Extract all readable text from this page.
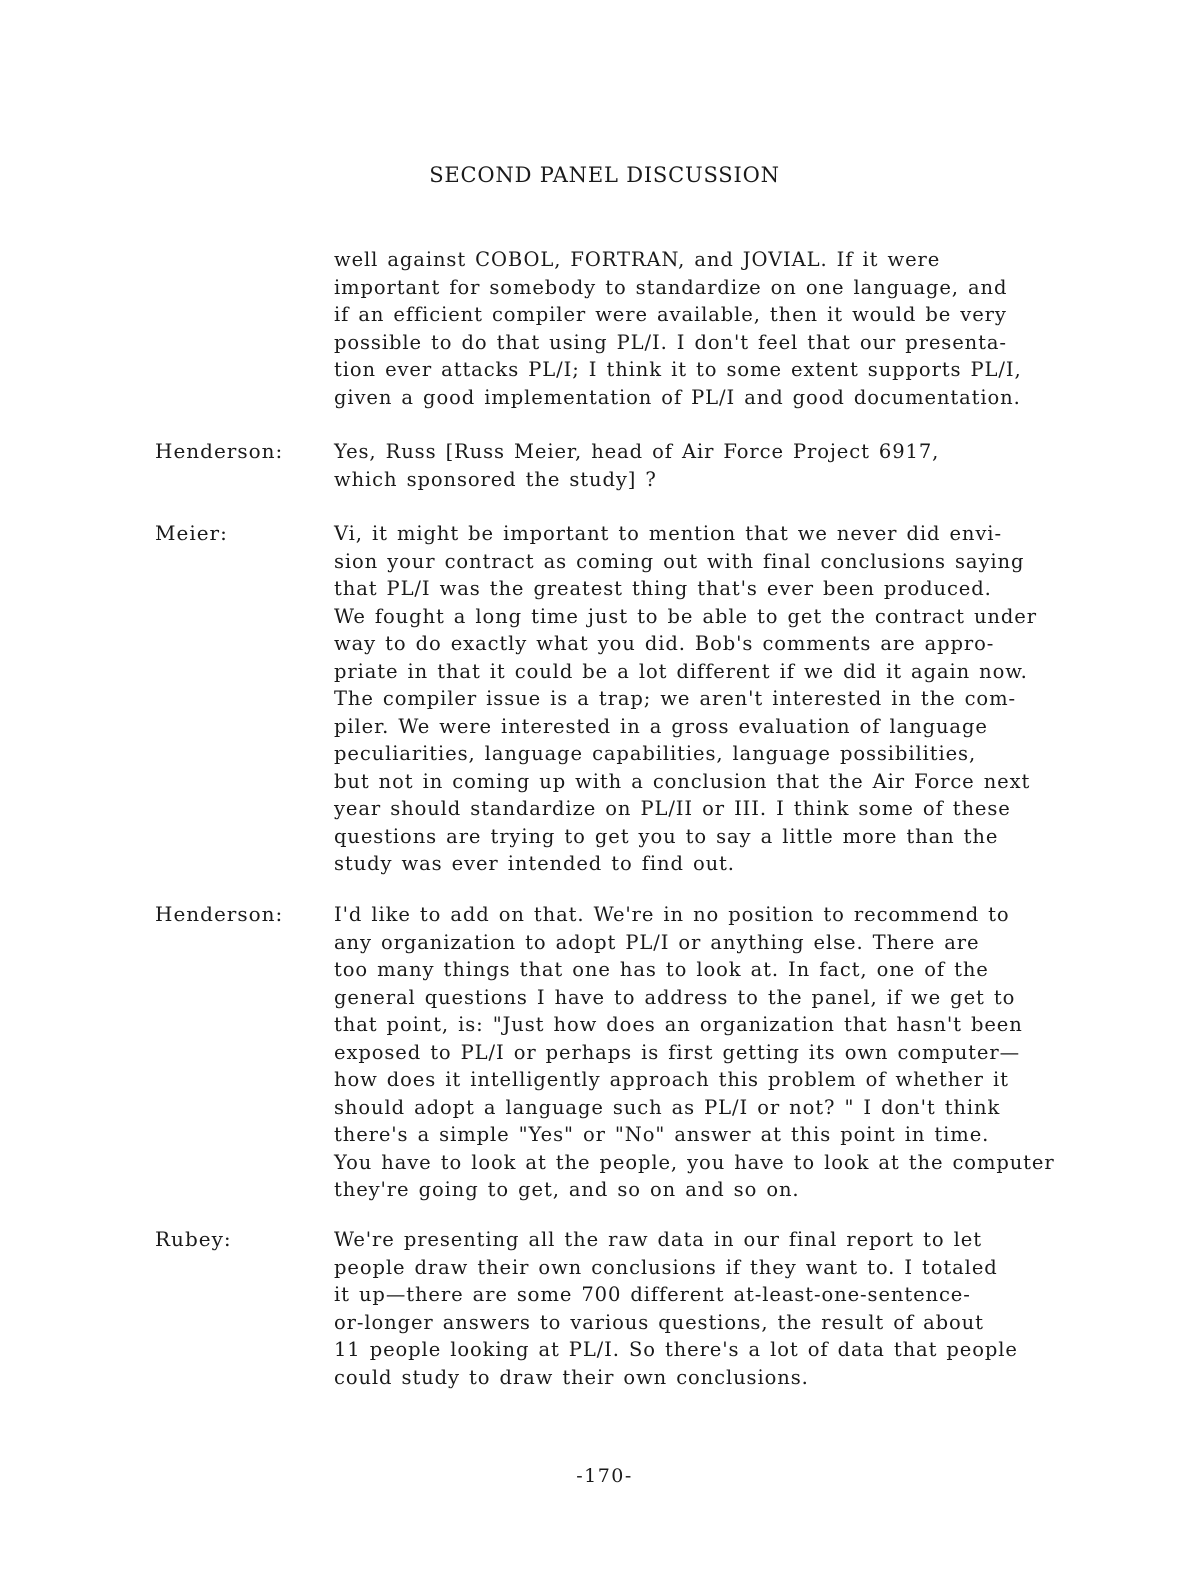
SECOND PANEL DISCUSSION
well against COBOL, FORTRAN, and JOVIAL. If it were
important for somebody to standardize on one language, and
if an efficient compiler were available, then it would be very
possible to do that using PL/I. I don't feel that our presenta-
tion ever attacks PL/I; I think it to some extent supports PL/I,
given a good implementation of PL/I and good documentation.
Henderson:	Yes, Russ [Russ Meier, head of Air Force Project 6917,
which sponsored the study] ?
Meier:	Vi, it might be important to mention that we never did envi-
sion your contract as coming out with final conclusions saying
that PL/I was the greatest thing that's ever been produced.
We fought a long time just to be able to get the contract under
way to do exactly what you did. Bob's comments are appro-
priate in that it could be a lot different if we did it again now.
The compiler issue is a trap; we aren't interested in the com-
piler. We were interested in a gross evaluation of language
peculiarities, language capabilities, language possibilities,
but not in coming up with a conclusion that the Air Force next
year should standardize on PL/II or III. I think some of these
questions are trying to get you to say a little more than the
study was ever intended to find out.
Henderson:	I'd like to add on that. We're in no position to recommend to
any organization to adopt PL/I or anything else. There are
too many things that one has to look at. In fact, one of the
general questions I have to address to the panel, if we get to
that point, is: "Just how does an organization that hasn't been
exposed to PL/I or perhaps is first getting its own computer—
how does it intelligently approach this problem of whether it
should adopt a language such as PL/I or not? " I don't think
there's a simple "Yes" or "No" answer at this point in time.
You have to look at the people, you have to look at the computer
they're going to get, and so on and so on.
Rubey:	We're presenting all the raw data in our final report to let
people draw their own conclusions if they want to. I totaled
it up—there are some 700 different at-least-one-sentence-
or-longer answers to various questions, the result of about
11 people looking at PL/I. So there's a lot of data that people
could study to draw their own conclusions.
-170-
